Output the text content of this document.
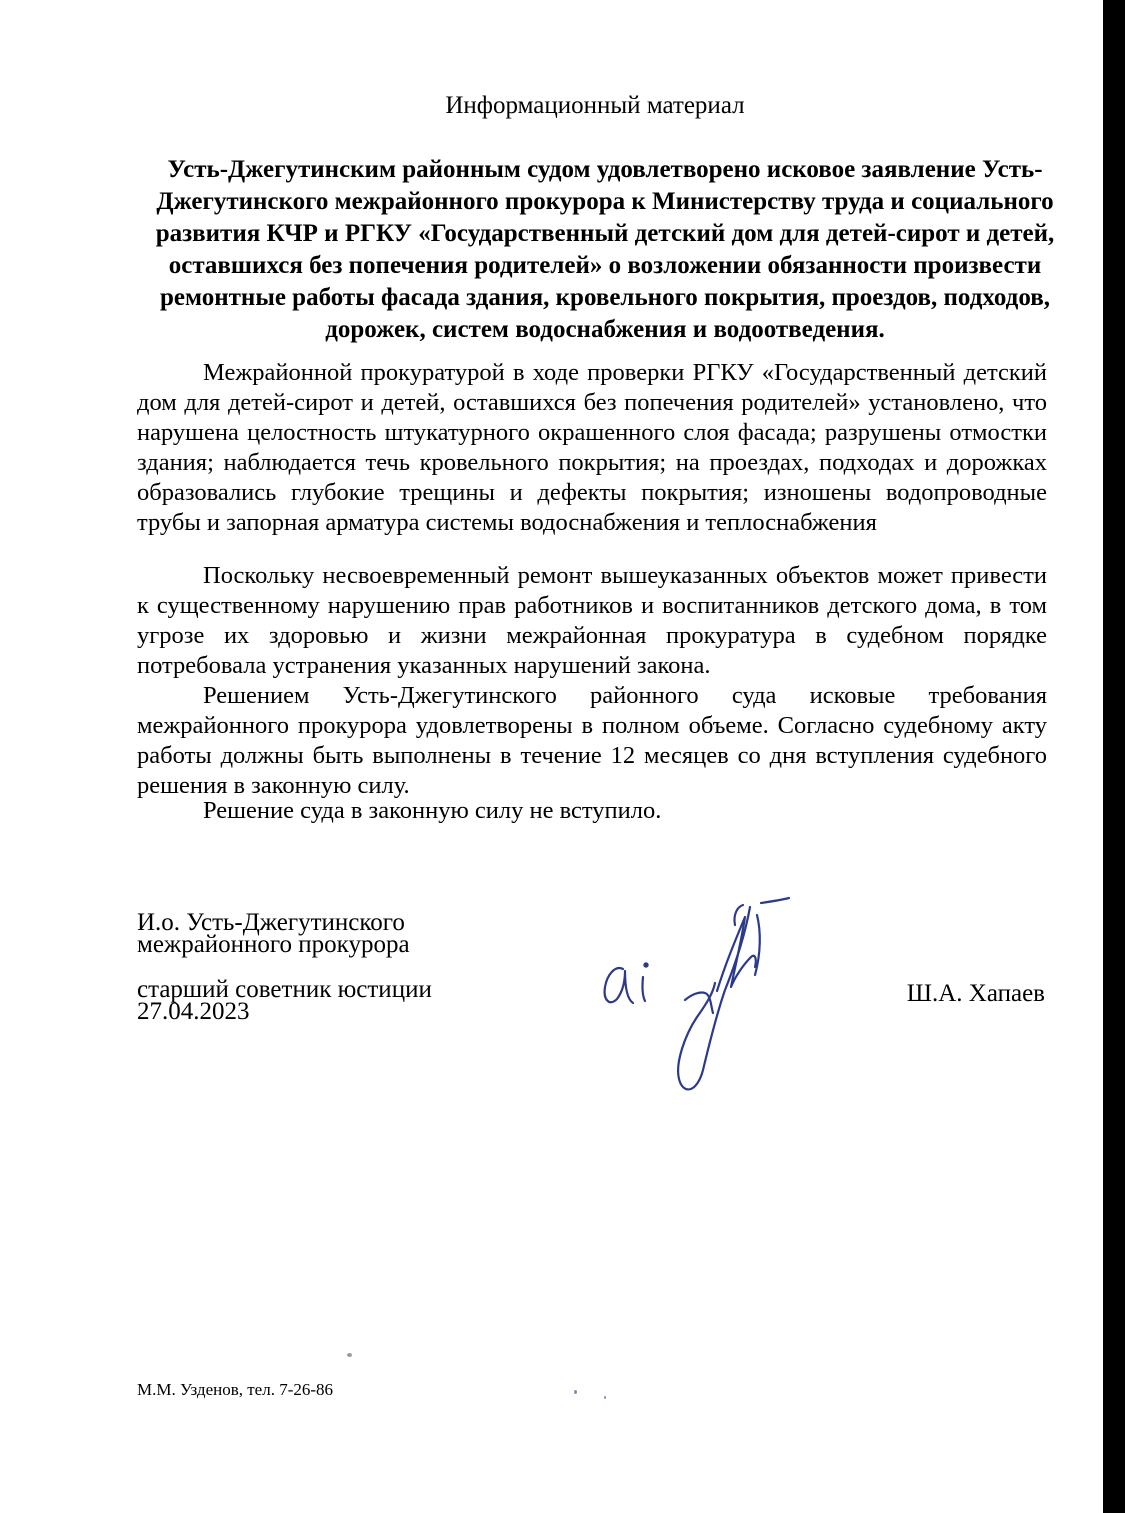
Информационный материал
Усть-Джегутинским районным судом удовлетворено исковое заявление Усть-Джегутинского межрайонного прокурора к Министерству труда и социального развития КЧР и РГКУ «Государственный детский дом для детей-сирот и детей, оставшихся без попечения родителей» о возложении обязанности произвести ремонтные работы фасада здания, кровельного покрытия, проездов, подходов, дорожек, систем водоснабжения и водоотведения.

Межрайонной прокуратурой в ходе проверки РГКУ «Государственный детский дом для детей-сирот и детей, оставшихся без попечения родителей» установлено, что нарушена целостность штукатурного окрашенного слоя фасада; разрушены отмостки здания; наблюдается течь кровельного покрытия; на проездах, подходах и дорожках образовались глубокие трещины и дефекты покрытия; изношены водопроводные трубы и запорная арматура системы водоснабжения и теплоснабжения

Поскольку несвоевременный ремонт вышеуказанных объектов может привести к существенному нарушению прав работников и воспитанников детского дома, в том угрозе их здоровью и жизни межрайонная прокуратура в судебном порядке потребовала устранения указанных нарушений закона.

Решением Усть-Джегутинского районного суда исковые требования межрайонного прокурора удовлетворены в полном объеме. Согласно судебному акту работы должны быть выполнены в течение 12 месяцев со дня вступления судебного решения в законную силу.

Решение суда в законную силу не вступило.

И.о. Усть-Джегутинского
межрайонного прокурора
старший советник юстиции
27.04.2023
Ш.А. Хапаев
М.М. Узденов, тел. 7-26-86
